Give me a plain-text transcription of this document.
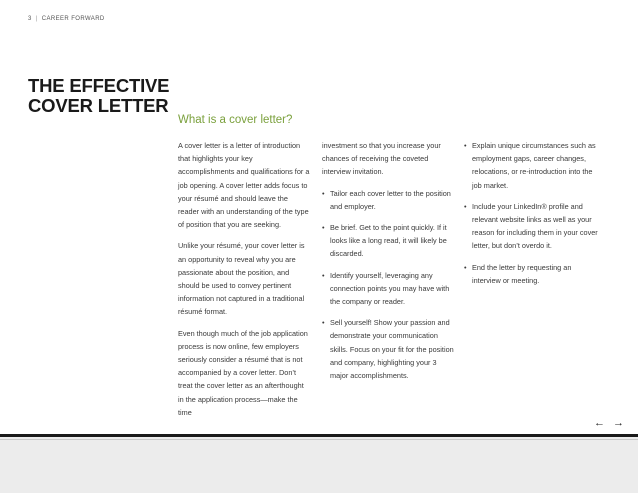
3 | CAREER FORWARD
THE EFFECTIVE
COVER LETTER
What is a cover letter?

A cover letter is a letter of introduction that highlights your key accomplishments and qualifications for a job opening. A cover letter adds focus to your résumé and should leave the reader with an understanding of the type of position that you are seeking.

Unlike your résumé, your cover letter is an opportunity to reveal why you are passionate about the position, and should be used to convey pertinent information not captured in a traditional résumé format.

Even though much of the job application process is now online, few employers seriously consider a résumé that is not accompanied by a cover letter. Don’t treat the cover letter as an afterthought in the application process—make the time

investment so that you increase your chances of receiving the coveted interview invitation.

• Tailor each cover letter to the position and employer.
• Be brief. Get to the point quickly. If it looks like a long read, it will likely be discarded.
• Identify yourself, leveraging any connection points you may have with the company or reader.
• Sell yourself! Show your passion and demonstrate your communication skills. Focus on your fit for the position and company, highlighting your 3 major accomplishments.
• Explain unique circumstances such as employment gaps, career changes, relocations, or re-introduction into the job market.
• Include your LinkedIn® profile and relevant website links as well as your reason for including them in your cover letter, but don’t overdo it.
• End the letter by requesting an interview or meeting.
← →
